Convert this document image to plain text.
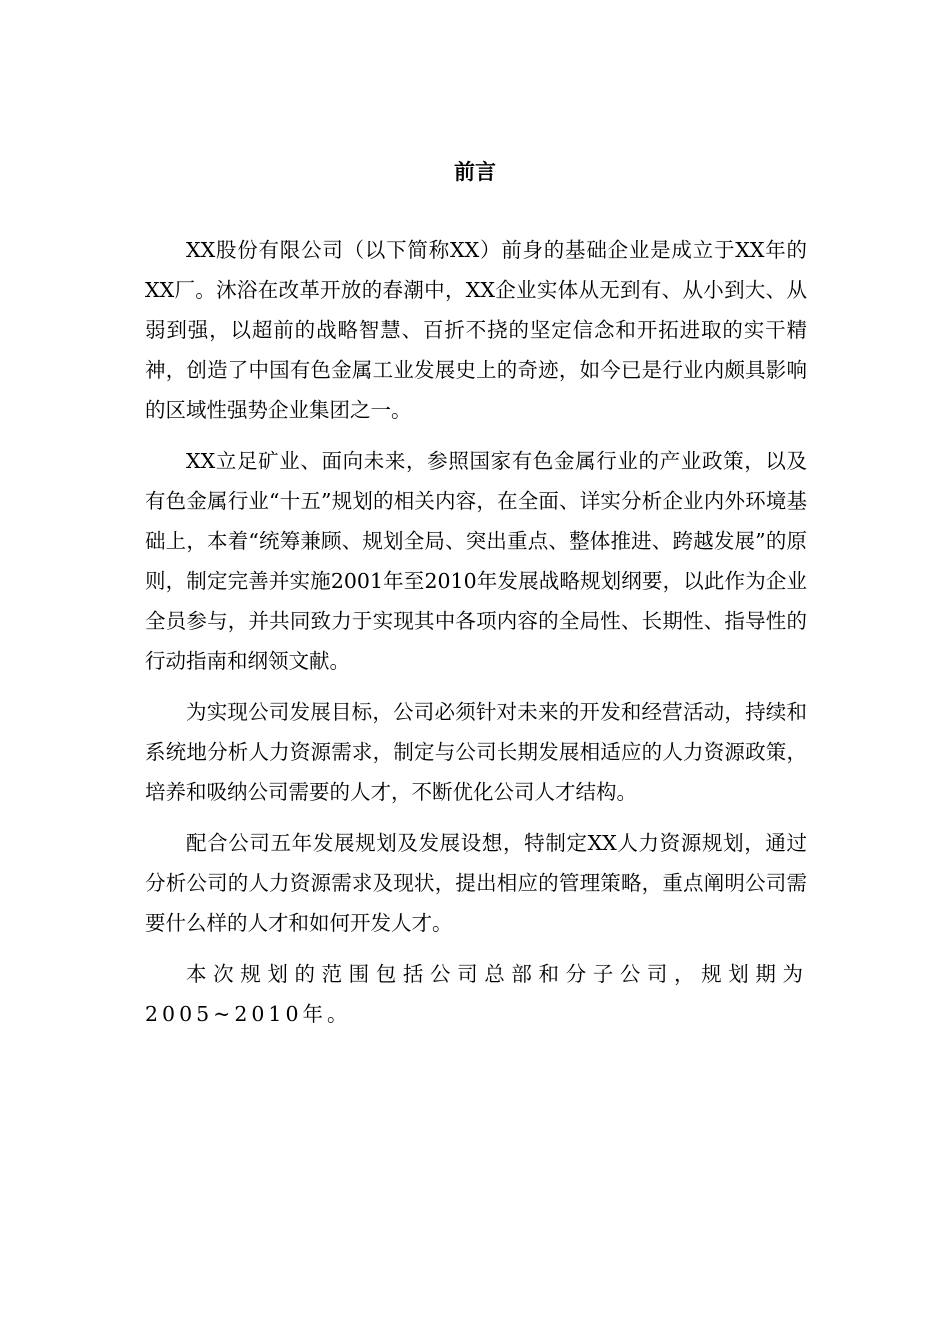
前言

XX股份有限公司（以下简称XX）前身的基础企业是成立于XX年的XX厂。沐浴在改革开放的春潮中，XX企业实体从无到有、从小到大、从弱到强，以超前的战略智慧、百折不挠的坚定信念和开拓进取的实干精神，创造了中国有色金属工业发展史上的奇迹，如今已是行业内颇具影响的区域性强势企业集团之一。

XX立足矿业、面向未来，参照国家有色金属行业的产业政策，以及有色金属行业“十五”规划的相关内容，在全面、详实分析企业内外环境基础上，本着“统筹兼顾、规划全局、突出重点、整体推进、跨越发展”的原则，制定完善并实施2001年至2010年发展战略规划纲要，以此作为企业全员参与，并共同致力于实现其中各项内容的全局性、长期性、指导性的行动指南和纲领文献。

为实现公司发展目标，公司必须针对未来的开发和经营活动，持续和系统地分析人力资源需求，制定与公司长期发展相适应的人力资源政策，培养和吸纳公司需要的人才，不断优化公司人才结构。

配合公司五年发展规划及发展设想，特制定XX人力资源规划，通过分析公司的人力资源需求及现状，提出相应的管理策略，重点阐明公司需要什么样的人才和如何开发人才。

本次规划的范围包括公司总部和分子公司，规划期为2005~2010年。
